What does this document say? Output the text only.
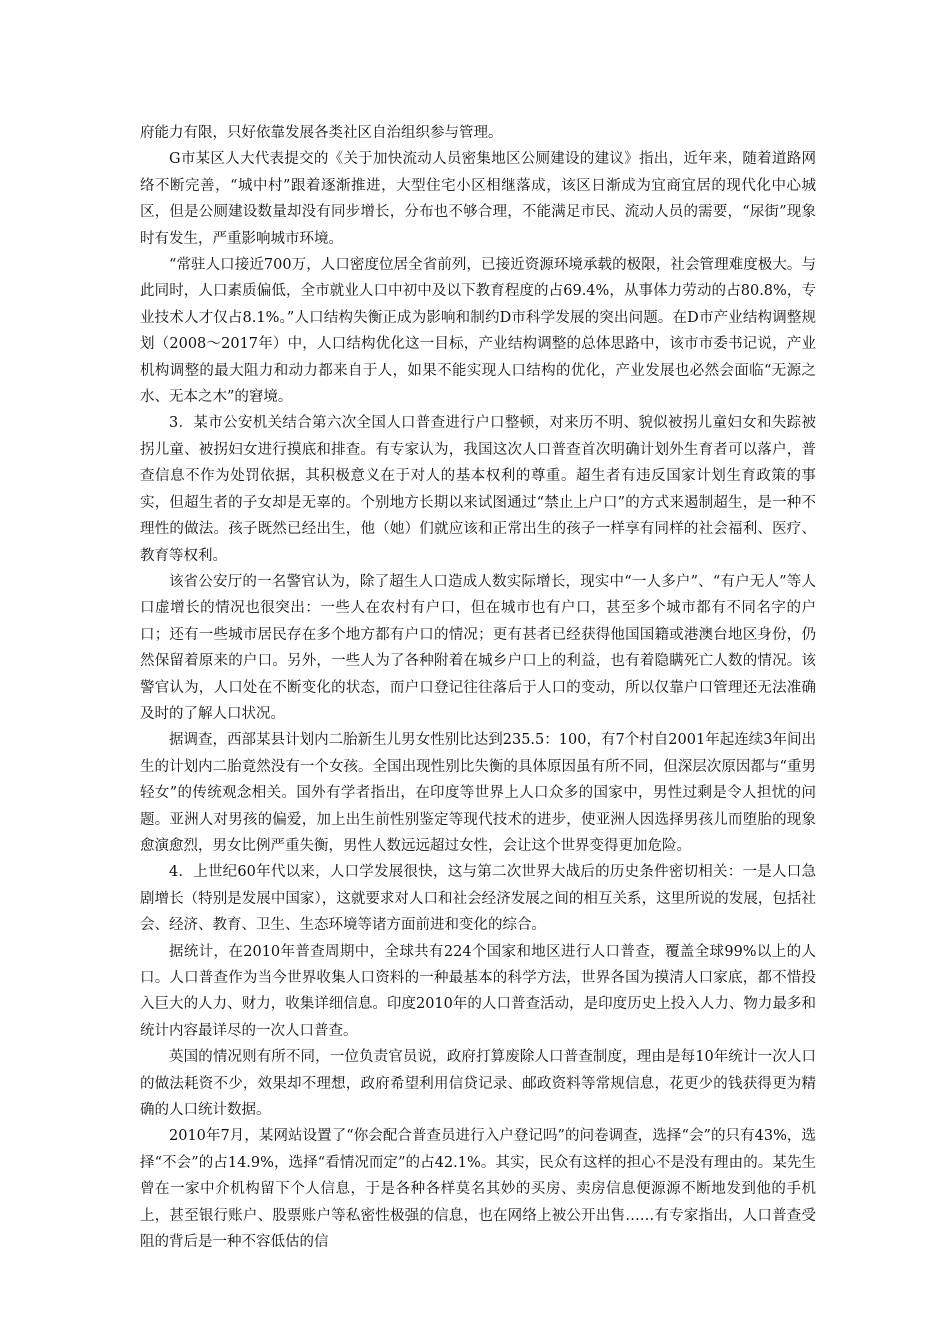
府能力有限，只好依靠发展各类社区自治组织参与管理。

G市某区人大代表提交的《关于加快流动人员密集地区公厕建设的建议》指出，近年来，随着道路网络不断完善，“城中村”跟着逐渐推进，大型住宅小区相继落成，该区日渐成为宜商宜居的现代化中心城区，但是公厕建设数量却没有同步增长，分布也不够合理，不能满足市民、流动人员的需要，“尿街”现象时有发生，严重影响城市环境。

“常驻人口接近700万，人口密度位居全省前列，已接近资源环境承载的极限，社会管理难度极大。与此同时，人口素质偏低，全市就业人口中初中及以下教育程度的占69.4%，从事体力劳动的占80.8%，专业技术人才仅占8.1%。”人口结构失衡正成为影响和制约D市科学发展的突出问题。在D市产业结构调整规划（2008～2017年）中，人口结构优化这一目标，产业结构调整的总体思路中，该市市委书记说，产业机构调整的最大阻力和动力都来自于人，如果不能实现人口结构的优化，产业发展也必然会面临“无源之水、无本之木”的窘境。

3．某市公安机关结合第六次全国人口普查进行户口整顿，对来历不明、貌似被拐儿童妇女和失踪被拐儿童、被拐妇女进行摸底和排查。有专家认为，我国这次人口普查首次明确计划外生育者可以落户，普查信息不作为处罚依据，其积极意义在于对人的基本权利的尊重。超生者有违反国家计划生育政策的事实，但超生者的子女却是无辜的。个别地方长期以来试图通过“禁止上户口”的方式来遏制超生，是一种不理性的做法。孩子既然已经出生，他（她）们就应该和正常出生的孩子一样享有同样的社会福利、医疗、教育等权利。

该省公安厅的一名警官认为，除了超生人口造成人数实际增长，现实中“一人多户”、“有户无人”等人口虚增长的情况也很突出：一些人在农村有户口，但在城市也有户口，甚至多个城市都有不同名字的户口；还有一些城市居民存在多个地方都有户口的情况；更有甚者已经获得他国国籍或港澳台地区身份，仍然保留着原来的户口。另外，一些人为了各种附着在城乡户口上的利益，也有着隐瞒死亡人数的情况。该警官认为，人口处在不断变化的状态，而户口登记往往落后于人口的变动，所以仅靠户口管理还无法准确及时的了解人口状况。

据调查，西部某县计划内二胎新生儿男女性别比达到235.5：100，有7个村自2001年起连续3年间出生的计划内二胎竟然没有一个女孩。全国出现性别比失衡的具体原因虽有所不同，但深层次原因都与“重男轻女”的传统观念相关。国外有学者指出，在印度等世界上人口众多的国家中，男性过剩是令人担忧的问题。亚洲人对男孩的偏爱，加上出生前性别鉴定等现代技术的进步，使亚洲人因选择男孩儿而堕胎的现象愈演愈烈，男女比例严重失衡，男性人数远远超过女性，会让这个世界变得更加危险。

4．上世纪60年代以来，人口学发展很快，这与第二次世界大战后的历史条件密切相关：一是人口急剧增长（特别是发展中国家），这就要求对人口和社会经济发展之间的相互关系，这里所说的发展，包括社会、经济、教育、卫生、生态环境等诸方面前进和变化的综合。

据统计，在2010年普查周期中，全球共有224个国家和地区进行人口普查，覆盖全球99%以上的人口。人口普查作为当今世界收集人口资料的一种最基本的科学方法，世界各国为摸清人口家底，都不惜投入巨大的人力、财力，收集详细信息。印度2010年的人口普查活动，是印度历史上投入人力、物力最多和统计内容最详尽的一次人口普查。

英国的情况则有所不同，一位负责官员说，政府打算废除人口普查制度，理由是每10年统计一次人口的做法耗资不少，效果却不理想，政府希望利用信贷记录、邮政资料等常规信息，花更少的钱获得更为精确的人口统计数据。

2010年7月，某网站设置了“你会配合普查员进行入户登记吗”的问卷调查，选择“会”的只有43%，选择“不会”的占14.9%，选择“看情况而定”的占42.1%。其实，民众有这样的担心不是没有理由的。某先生曾在一家中介机构留下个人信息，于是各种各样莫名其妙的买房、卖房信息便源源不断地发到他的手机上，甚至银行账户、股票账户等私密性极强的信息，也在网络上被公开出售……有专家指出，人口普查受阻的背后是一种不容低估的信
